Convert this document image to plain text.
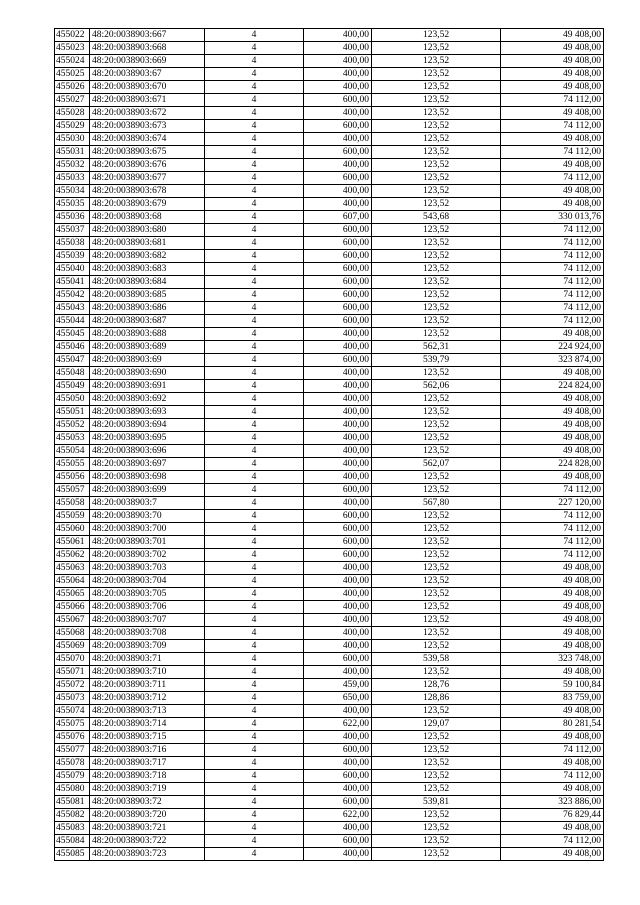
455022	48:20:0038903:667	4	400,00	123,52	49 408,00
455023	48:20:0038903:668	4	400,00	123,52	49 408,00
455024	48:20:0038903:669	4	400,00	123,52	49 408,00
455025	48:20:0038903:67	4	400,00	123,52	49 408,00
455026	48:20:0038903:670	4	400,00	123,52	49 408,00
455027	48:20:0038903:671	4	600,00	123,52	74 112,00
455028	48:20:0038903:672	4	400,00	123,52	49 408,00
455029	48:20:0038903:673	4	600,00	123,52	74 112,00
455030	48:20:0038903:674	4	400,00	123,52	49 408,00
455031	48:20:0038903:675	4	600,00	123,52	74 112,00
455032	48:20:0038903:676	4	400,00	123,52	49 408,00
455033	48:20:0038903:677	4	600,00	123,52	74 112,00
455034	48:20:0038903:678	4	400,00	123,52	49 408,00
455035	48:20:0038903:679	4	400,00	123,52	49 408,00
455036	48:20:0038903:68	4	607,00	543,68	330 013,76
455037	48:20:0038903:680	4	600,00	123,52	74 112,00
455038	48:20:0038903:681	4	600,00	123,52	74 112,00
455039	48:20:0038903:682	4	600,00	123,52	74 112,00
455040	48:20:0038903:683	4	600,00	123,52	74 112,00
455041	48:20:0038903:684	4	600,00	123,52	74 112,00
455042	48:20:0038903:685	4	600,00	123,52	74 112,00
455043	48:20:0038903:686	4	600,00	123,52	74 112,00
455044	48:20:0038903:687	4	600,00	123,52	74 112,00
455045	48:20:0038903:688	4	400,00	123,52	49 408,00
455046	48:20:0038903:689	4	400,00	562,31	224 924,00
455047	48:20:0038903:69	4	600,00	539,79	323 874,00
455048	48:20:0038903:690	4	400,00	123,52	49 408,00
455049	48:20:0038903:691	4	400,00	562,06	224 824,00
455050	48:20:0038903:692	4	400,00	123,52	49 408,00
455051	48:20:0038903:693	4	400,00	123,52	49 408,00
455052	48:20:0038903:694	4	400,00	123,52	49 408,00
455053	48:20:0038903:695	4	400,00	123,52	49 408,00
455054	48:20:0038903:696	4	400,00	123,52	49 408,00
455055	48:20:0038903:697	4	400,00	562,07	224 828,00
455056	48:20:0038903:698	4	400,00	123,52	49 408,00
455057	48:20:0038903:699	4	600,00	123,52	74 112,00
455058	48:20:0038903:7	4	400,00	567,80	227 120,00
455059	48:20:0038903:70	4	600,00	123,52	74 112,00
455060	48:20:0038903:700	4	600,00	123,52	74 112,00
455061	48:20:0038903:701	4	600,00	123,52	74 112,00
455062	48:20:0038903:702	4	600,00	123,52	74 112,00
455063	48:20:0038903:703	4	400,00	123,52	49 408,00
455064	48:20:0038903:704	4	400,00	123,52	49 408,00
455065	48:20:0038903:705	4	400,00	123,52	49 408,00
455066	48:20:0038903:706	4	400,00	123,52	49 408,00
455067	48:20:0038903:707	4	400,00	123,52	49 408,00
455068	48:20:0038903:708	4	400,00	123,52	49 408,00
455069	48:20:0038903:709	4	400,00	123,52	49 408,00
455070	48:20:0038903:71	4	600,00	539,58	323 748,00
455071	48:20:0038903:710	4	400,00	123,52	49 408,00
455072	48:20:0038903:711	4	459,00	128,76	59 100,84
455073	48:20:0038903:712	4	650,00	128,86	83 759,00
455074	48:20:0038903:713	4	400,00	123,52	49 408,00
455075	48:20:0038903:714	4	622,00	129,07	80 281,54
455076	48:20:0038903:715	4	400,00	123,52	49 408,00
455077	48:20:0038903:716	4	600,00	123,52	74 112,00
455078	48:20:0038903:717	4	400,00	123,52	49 408,00
455079	48:20:0038903:718	4	600,00	123,52	74 112,00
455080	48:20:0038903:719	4	400,00	123,52	49 408,00
455081	48:20:0038903:72	4	600,00	539,81	323 886,00
455082	48:20:0038903:720	4	622,00	123,52	76 829,44
455083	48:20:0038903:721	4	400,00	123,52	49 408,00
455084	48:20:0038903:722	4	600,00	123,52	74 112,00
455085	48:20:0038903:723	4	400,00	123,52	49 408,00
